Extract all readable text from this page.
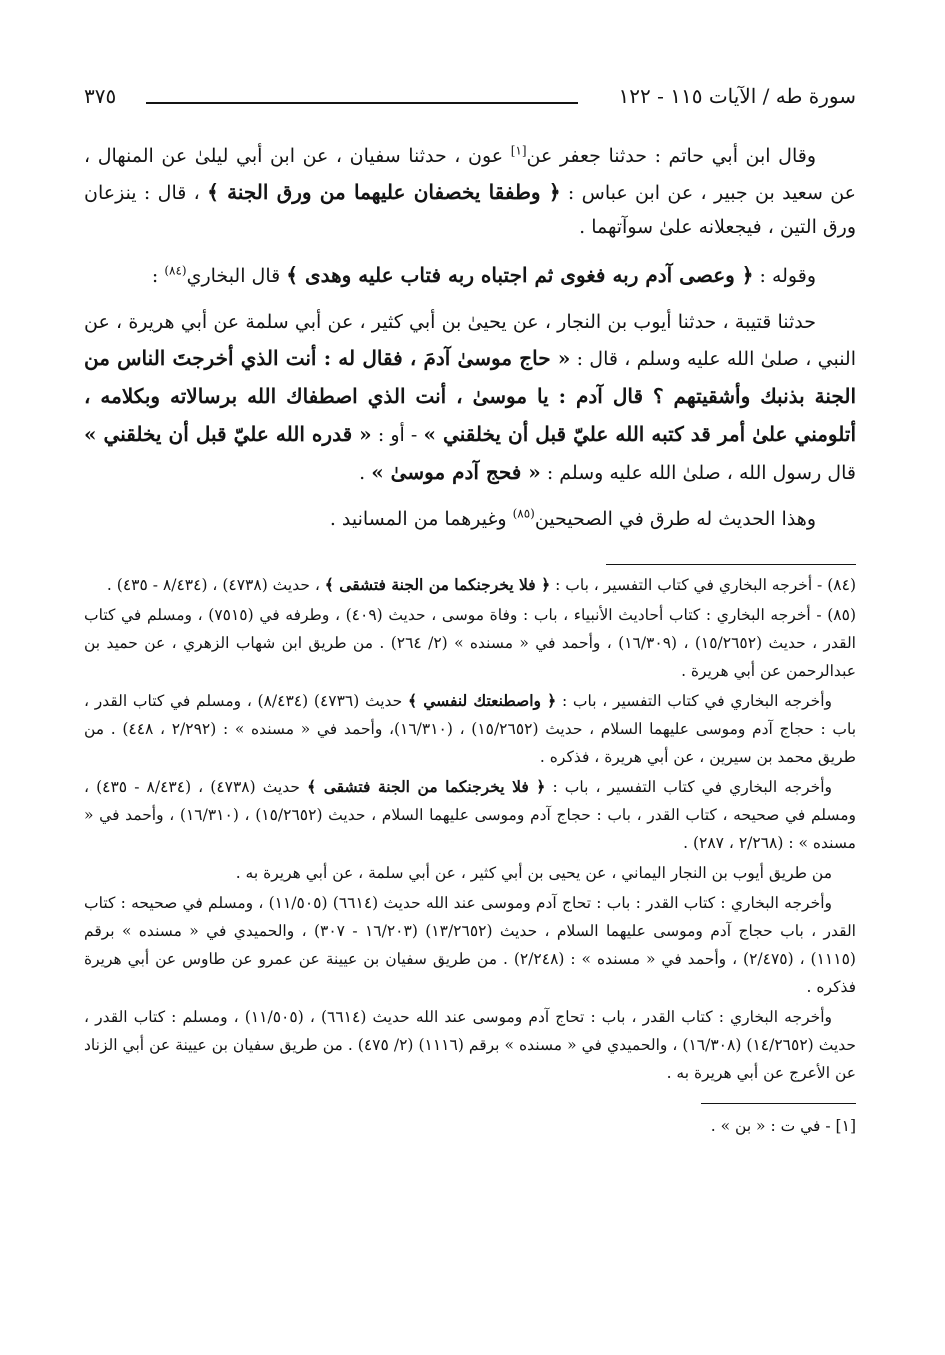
سورة طه / الآيات ١١٥ - ١٢٢
٣٧٥

وقال ابن أبي حاتم : حدثنا جعفر عن[١] عون ، حدثنا سفيان ، عن ابن أبي ليلىٰ عن المنهال ، عن سعيد بن جبير ، عن ابن عباس : ﴿ وطفقا يخصفان عليهما من ورق الجنة ﴾ ، قال : ينزعان ورق التين ، فيجعلانه علىٰ سوآتهما .

وقوله : ﴿ وعصى آدم ربه فغوى ثم اجتباه ربه فتاب عليه وهدى ﴾ قال البخاري$^{(٨٤)}$ :

حدثنا قتيبة ، حدثنا أيوب بن النجار ، عن يحيىٰ بن أبي كثير ، عن أبي سلمة عن أبي هريرة ، عن النبي ، صلىٰ الله عليه وسلم ، قال : « حاج موسىٰ آدمَ ، فقال له : أنت الذي أخرجتَ الناس من الجنة بذنبك وأشقيتهم ؟ قال آدم : يا موسىٰ ، أنت الذي اصطفاك الله برسالاته وبكلامه ، أتلومني علىٰ أمر قد كتبه الله عليّ قبل أن يخلقني » - أو : « قدره الله عليّ قبل أن يخلقني » قال رسول الله ، صلىٰ الله عليه وسلم : « فحج آدم موسىٰ » .

وهذا الحديث له طرق في الصحيحين$^{(٨٥)}$ وغيرهما من المسانيد .

(٨٤) - أخرجه البخاري في كتاب التفسير ، باب : ﴿ فلا يخرجنكما من الجنة فتشقى ﴾ ، حديث (٤٧٣٨) ، (٨/٤٣٤ - ٤٣٥) .

(٨٥) - أخرجه البخاري : كتاب أحاديث الأنبياء ، باب : وفاة موسى ، حديث (٤٠٩) ، وطرفه في (٧٥١٥) ، ومسلم في كتاب القدر ، حديث (١٥/٢٦٥٢) ، (١٦/٣٠٩) ، وأحمد في « مسنده » (٢/ ٢٦٤) . من طريق ابن شهاب الزهري ، عن حميد بن عبدالرحمن عن أبي هريرة .

وأخرجه البخاري في كتاب التفسير ، باب : ﴿ واصطنعتك لنفسي ﴾ حديث (٤٧٣٦) (٨/٤٣٤) ، ومسلم في كتاب القدر ، باب : حجاج آدم وموسى عليهما السلام ، حديث (١٥/٢٦٥٢) ، (١٦/٣١٠)، وأحمد في « مسنده » : (٢/٢٩٢ ، ٤٤٨) . من طريق محمد بن سيرين ، عن أبي هريرة ، فذكره .

وأخرجه البخاري في كتاب التفسير ، باب : ﴿ فلا يخرجنكما من الجنة فتشقى ﴾ حديث (٤٧٣٨) ، (٨/٤٣٤ - ٤٣٥) ، ومسلم في صحيحه ، كتاب القدر ، باب : حجاج آدم وموسى عليهما السلام ، حديث (١٥/٢٦٥٢) ، (١٦/٣١٠) ، وأحمد في « مسنده » : (٢/٢٦٨ ، ٢٨٧) .

من طريق أيوب بن النجار اليماني ، عن يحيى بن أبي كثير ، عن أبي سلمة ، عن أبي هريرة به .

وأخرجه البخاري : كتاب القدر : باب : تحاج آدم وموسى عند الله حديث (٦٦١٤) (١١/٥٠٥) ، ومسلم في صحيحه : كتاب القدر ، باب حجاج آدم وموسى عليهما السلام ، حديث (١٣/٢٦٥٢) (١٦/٢٠٣ - ٣٠٧) ، والحميدي في « مسنده » برقم (١١١٥) ، (٢/٤٧٥) ، وأحمد في « مسنده » : (٢/٢٤٨) . من طريق سفيان بن عيينة عن عمرو عن طاوس عن أبي هريرة فذكره .

وأخرجه البخاري : كتاب القدر ، باب : تحاج آدم وموسى عند الله حديث (٦٦١٤) ، (١١/٥٠٥) ، ومسلم : كتاب القدر ، حديث (١٤/٢٦٥٢) (١٦/٣٠٨) ، والحميدي في « مسنده » برقم (١١١٦) (٢/ ٤٧٥) . من طريق سفيان بن عيينة عن أبي الزناد عن الأعرج عن أبي هريرة به .

[١] - في ت : « بن » .
